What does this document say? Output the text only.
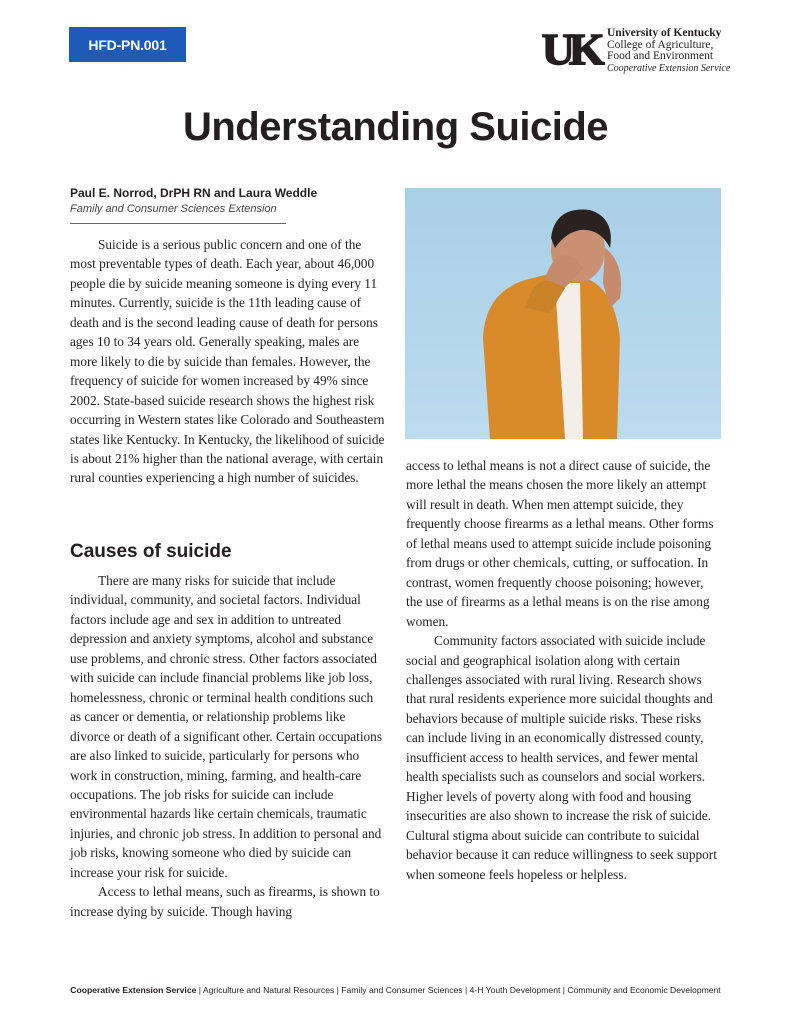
HFD-PN.001	UK University of Kentucky
College of Agriculture,
Food and Environment
Cooperative Extension Service
Understanding Suicide
Paul E. Norrod, DrPH RN and Laura Weddle
Family and Consumer Sciences Extension

Suicide is a serious public concern and one of the most preventable types of death. Each year, about 46,000 people die by suicide meaning someone is dying every 11 minutes. Currently, suicide is the 11th leading cause of death and is the second leading cause of death for persons ages 10 to 34 years old. Generally speaking, males are more likely to die by suicide than females. However, the frequency of suicide for women increased by 49% since 2002. State-based suicide research shows the highest risk occurring in Western states like Colorado and Southeastern states like Kentucky. In Kentucky, the likelihood of suicide is about 21% higher than the national average, with certain rural counties experiencing a high number of suicides.

Causes of suicide

There are many risks for suicide that include individual, community, and societal factors. Individual factors include age and sex in addition to untreated depression and anxiety symptoms, alcohol and substance use problems, and chronic stress. Other factors associated with suicide can include financial problems like job loss, homelessness, chronic or terminal health conditions such as cancer or dementia, or relationship problems like divorce or death of a significant other. Certain occupations are also linked to suicide, particularly for persons who work in construction, mining, farming, and health-care occupations. The job risks for suicide can include environmental hazards like certain chemicals, traumatic injuries, and chronic job stress. In addition to personal and job risks, knowing someone who died by suicide can increase your risk for suicide.

Access to lethal means, such as firearms, is shown to increase dying by suicide. Though having

access to lethal means is not a direct cause of suicide, the more lethal the means chosen the more likely an attempt will result in death. When men attempt suicide, they frequently choose firearms as a lethal means. Other forms of lethal means used to attempt suicide include poisoning from drugs or other chemicals, cutting, or suffocation. In contrast, women frequently choose poisoning; however, the use of firearms as a lethal means is on the rise among women.

Community factors associated with suicide include social and geographical isolation along with certain challenges associated with rural living. Research shows that rural residents experience more suicidal thoughts and behaviors because of multiple suicide risks. These risks can include living in an economically distressed county, insufficient access to health services, and fewer mental health specialists such as counselors and social workers. Higher levels of poverty along with food and housing insecurities are also shown to increase the risk of suicide. Cultural stigma about suicide can contribute to suicidal behavior because it can reduce willingness to seek support when someone feels hopeless or helpless.

Cooperative Extension Service | Agriculture and Natural Resources | Family and Consumer Sciences | 4-H Youth Development | Community and Economic Development
